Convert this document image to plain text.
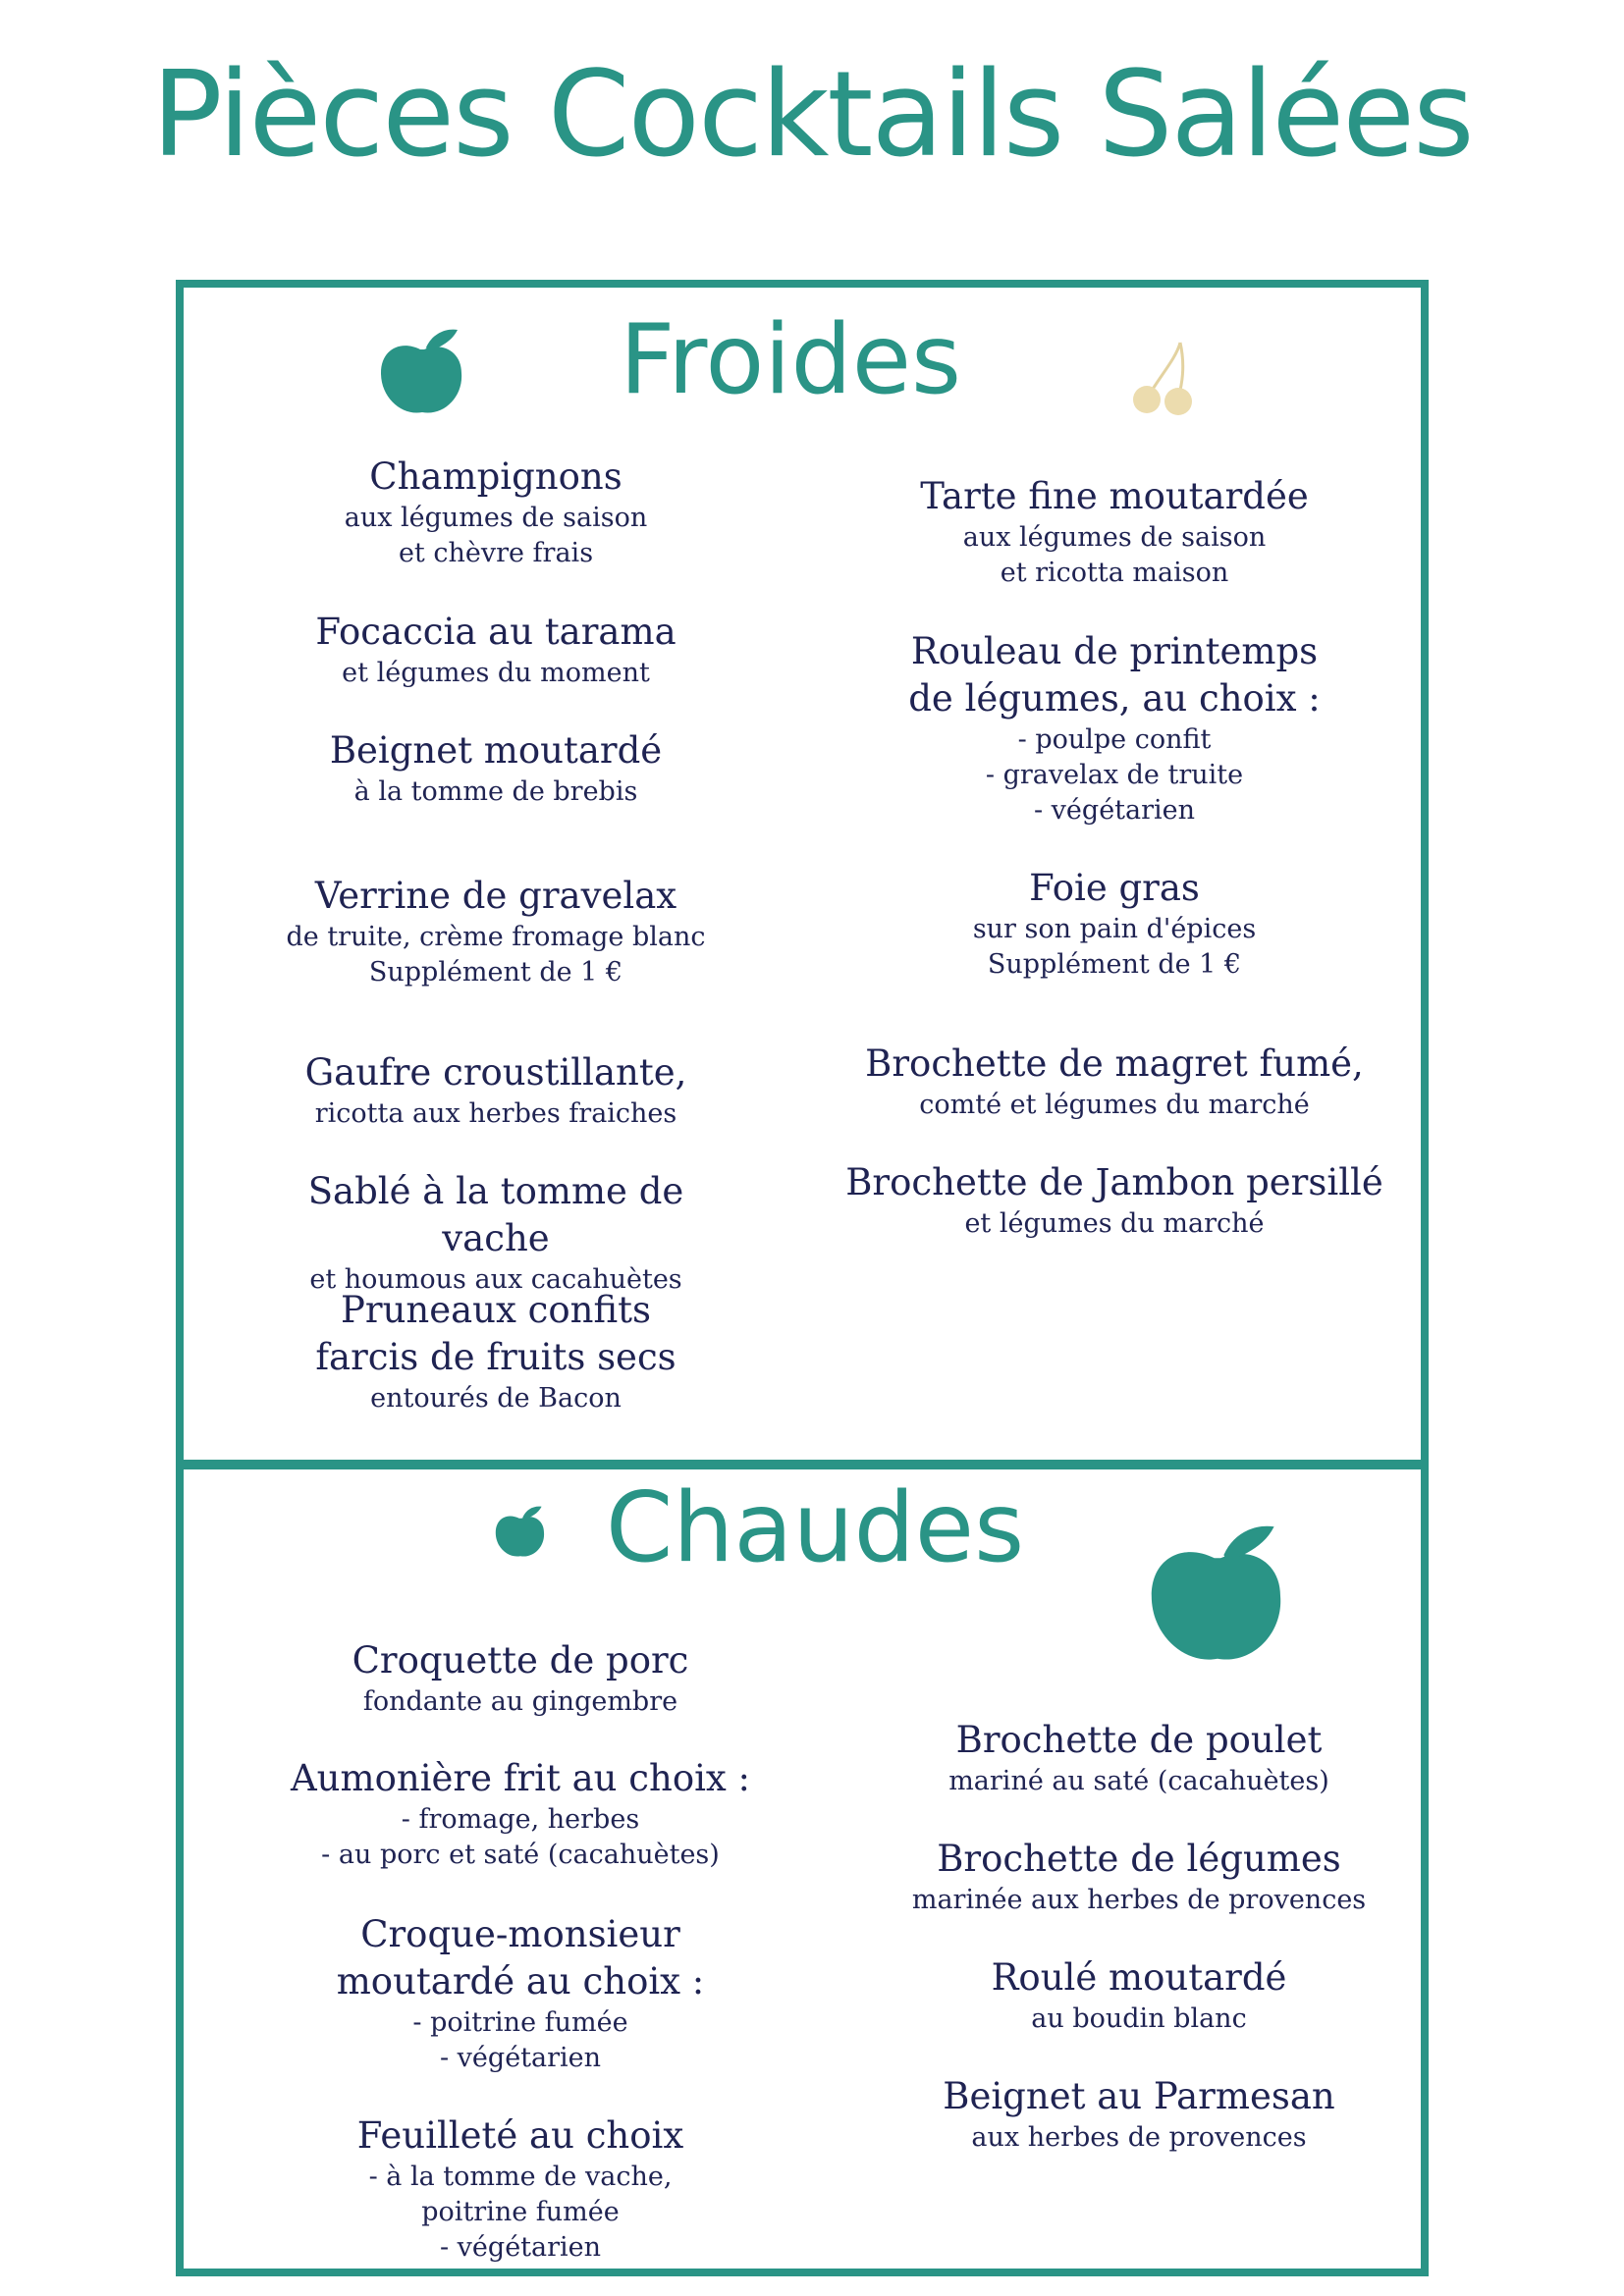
Pièces Cocktails Salées
Froides
Champignons
aux légumes de saison
et chèvre frais
Focaccia au tarama
et légumes du moment
Beignet moutardé
à la tomme de brebis
Verrine de gravelax
de truite, crème fromage blanc
Supplément de 1 €
Gaufre croustillante,
ricotta aux herbes fraiches
Sablé à la tomme de vache
et houmous aux cacahuètes
Pruneaux confits
farcis de fruits secs
entourés de Bacon
Tarte fine moutardée
aux légumes de saison
et ricotta maison
Rouleau de printemps
de légumes, au choix :
- poulpe confit
- gravelax de truite
- végétarien
Foie gras
sur son pain d'épices
Supplément de 1 €
Brochette de magret fumé,
comté et légumes du marché
Brochette de Jambon persillé
et légumes du marché
Chaudes
Croquette de porc
fondante au gingembre
Aumonière frit au choix :
- fromage, herbes
- au porc et saté (cacahuètes)
Croque-monsieur
moutardé au choix :
- poitrine fumée
- végétarien
Feuilleté au choix
- à la tomme de vache,
poitrine fumée
- végétarien
Brochette de poulet
mariné au saté (cacahuètes)
Brochette de légumes
marinée aux herbes de provences
Roulé moutardé
au boudin blanc
Beignet au Parmesan
aux herbes de provences
